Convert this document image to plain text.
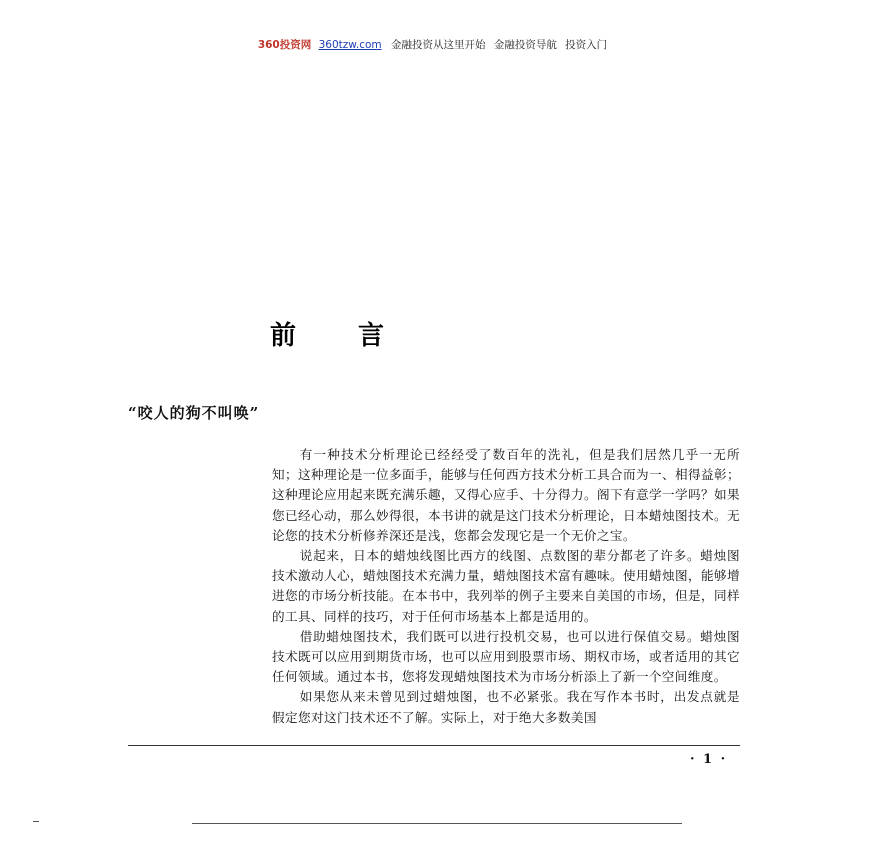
360投资网 360tzw.com 金融投资从这里开始 金融投资导航 投资入门
前言
“咬人的狗不叫唤”

有一种技术分析理论已经经受了数百年的洗礼，但是我们居然几乎一无所知；这种理论是一位多面手，能够与任何西方技术分析工具合而为一、相得益彰；这种理论应用起来既充满乐趣，又得心应手、十分得力。阁下有意学一学吗？如果您已经心动，那么妙得很，本书讲的就是这门技术分析理论，日本蜡烛图技术。无论您的技术分析修养深还是浅，您都会发现它是一个无价之宝。

说起来，日本的蜡烛线图比西方的线图、点数图的辈分都老了许多。蜡烛图技术激动人心，蜡烛图技术充满力量，蜡烛图技术富有趣味。使用蜡烛图，能够增进您的市场分析技能。在本书中，我列举的例子主要来自美国的市场，但是，同样的工具、同样的技巧，对于任何市场基本上都是适用的。

借助蜡烛图技术，我们既可以进行投机交易，也可以进行保值交易。蜡烛图技术既可以应用到期货市场，也可以应用到股票市场、期权市场，或者适用的其它任何领域。通过本书，您将发现蜡烛图技术为市场分析添上了新一个空间维度。

如果您从来未曾见到过蜡烛图，也不必紧张。我在写作本书时，出发点就是假定您对这门技术还不了解。实际上，对于绝大多数美国

· 1 ·
